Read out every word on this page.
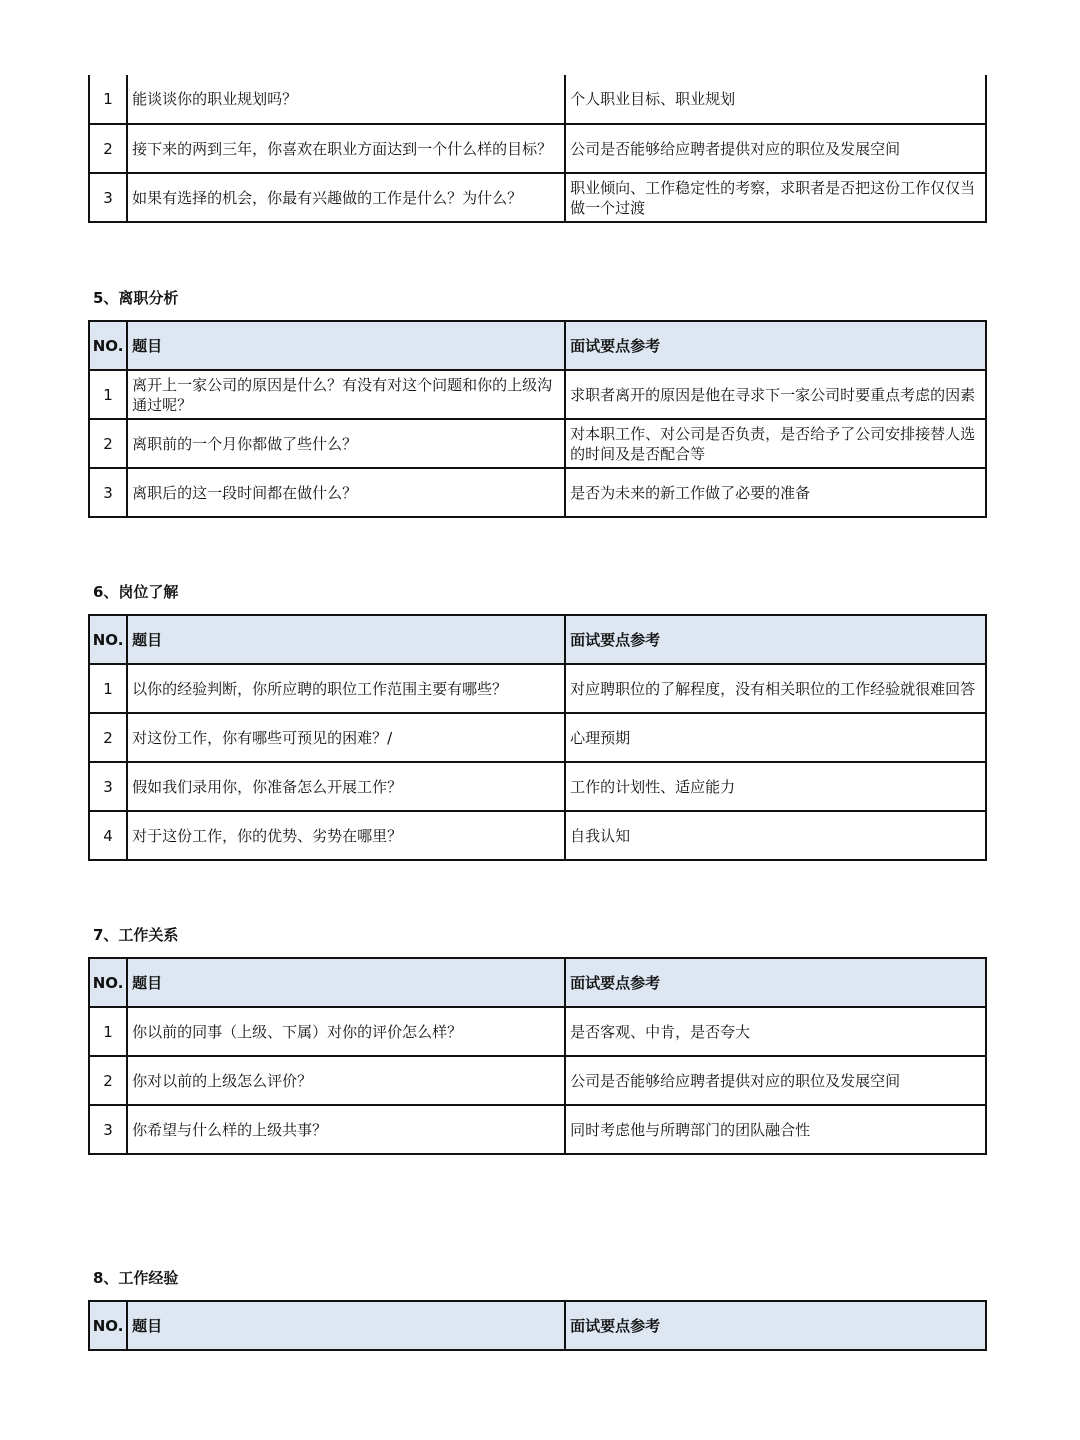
1	能谈谈你的职业规划吗？	个人职业目标、职业规划
2	接下来的两到三年，你喜欢在职业方面达到一个什么样的目标？	公司是否能够给应聘者提供对应的职位及发展空间
3	如果有选择的机会，你最有兴趣做的工作是什么？为什么？	职业倾向、工作稳定性的考察，求职者是否把这份工作仅仅当做一个过渡
5、离职分析
NO.	题目	面试要点参考
1	离开上一家公司的原因是什么？有没有对这个问题和你的上级沟通过呢？	求职者离开的原因是他在寻求下一家公司时要重点考虑的因素
2	离职前的一个月你都做了些什么？	对本职工作、对公司是否负责，是否给予了公司安排接替人选的时间及是否配合等
3	离职后的这一段时间都在做什么？	是否为未来的新工作做了必要的准备
6、岗位了解
NO.	题目	面试要点参考
1	以你的经验判断，你所应聘的职位工作范围主要有哪些？	对应聘职位的了解程度，没有相关职位的工作经验就很难回答
2	对这份工作，你有哪些可预见的困难？/	心理预期
3	假如我们录用你，你准备怎么开展工作？	工作的计划性、适应能力
4	对于这份工作，你的优势、劣势在哪里？	自我认知
7、工作关系
NO.	题目	面试要点参考
1	你以前的同事（上级、下属）对你的评价怎么样？	是否客观、中肯，是否夸大
2	你对以前的上级怎么评价？	公司是否能够给应聘者提供对应的职位及发展空间
3	你希望与什么样的上级共事？	同时考虑他与所聘部门的团队融合性
8、工作经验
NO.	题目	面试要点参考
